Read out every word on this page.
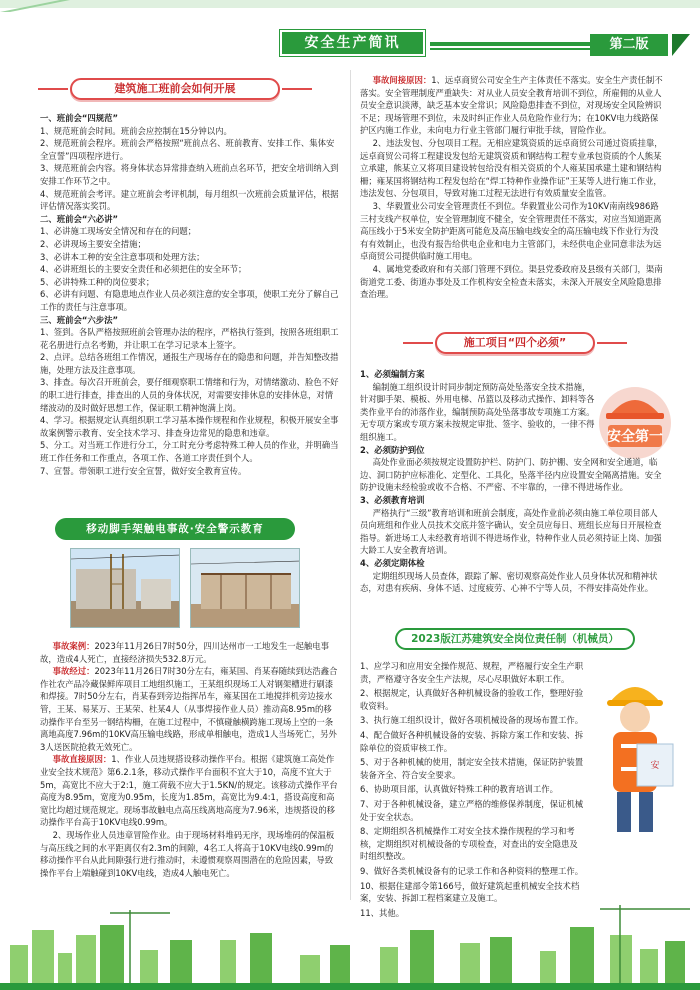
安全生产简讯	第二版
建筑施工班前会如何开展

一、班前会“四规范”

1、规范班前会时间。班前会应控制在15分钟以内。

2、规范班前会程序。班前会严格按照“班前点名、班前教育、安排工作、集体安全宣誓”四项程序进行。

3、规范班前会内容。将身体状态异常排查纳入班前点名环节，把安全培训纳入到安排工作环节之中。

4、规范班前会考评。建立班前会考评机制，每月组织一次班前会质量评估，根据评估情况落实奖罚。

二、班前会“六必讲”

1、必讲施工现场安全情况和存在的问题；

2、必讲现场主要安全措施；

3、必讲本工种的安全注意事项和处理方法；

4、必讲班组长的主要安全责任和必须把住的安全环节；

5、必讲特殊工种的岗位要求；

6、必讲有问题、有隐患地点作业人员必须注意的安全事项，使职工充分了解自己工作的责任与注意事项。

三、班前会“六步法”

1、签到。各队严格按照班前会管理办法的程序，严格执行签到，按照各班组职工花名册进行点名考勤，并让职工在学习记录本上签字。

2、点评。总结各班组工作情况，通报生产现场存在的隐患和问题，并告知整改措施，处理方法及注意事项。

3、排查。每次召开班前会，要仔细观察职工情绪和行为，对情绪激动、脸色不好的职工进行排查，排查出的人员的身体状况，对需要安排休息的安排休息，对情绪波动的及时做好思想工作，保证职工精神饱满上岗。

4、学习。根据规定认真组织职工学习基本操作规程和作业规程，积极开展安全事故案例警示教育、安全技术学习、排查身边常见的隐患和违章。

5、分工。对当班工作进行分工，分工时充分考虑特殊工种人员的作业，并明确当班工作任务和工作重点，各项工作、各道工序责任到个人。

7、宣誓。带领职工进行安全宣誓，做好安全教育宣传。

移动脚手架触电事故·安全警示教育

事故案例：2023年11月26日7时50分，四川达州市一工地发生一起触电事故，造成4人死亡，直接经济损失532.8万元。

事故经过：2023年11月26日7时30分左右，雍某国、肖某春随续到达浩鑫合作社农产品冷藏保鲜库项目工地组织施工，王某组织现场工人对钢架槽进行刷漆和焊接。7时50分左右，肖某春到旁边指挥吊车，雍某国在工地搅拌机旁边接水管，王某、易某万、王某荣、杜某4人（从事焊接作业人员）推动高8.95m的移动操作平台至另一钢结构柵，在施工过程中，不慎碰触横跨施工现场上空的一条离地高度7.96m的10KV高压输电线路，形成单相触电，造成1人当场死亡，另外3人送医院抢救无效死亡。

事故直接原因：1、作业人员违规搭设移动操作平台。根据《建筑施工高处作业安全技术规范》第6.2.1条，移动式操作平台面积不宜大于10，高度不宜大于5m，高宽比不应大于2:1，施工荷载不应大于1.5KN/的规定。该移动式操作平台高度为8.95m，宽度为0.95m，长度为1.85m，高宽比为9.4:1，搭设高度和高宽比均超过规范规定。现场事故触电点高压线离地高度为7.96米，违规搭设的移动操作平台高于10KV电线0.99m。

2、现场作业人员违章冒险作业。由于现场材料堆码无序，现场堆码的保温板与高压线之间的水平距离仅有2.3m的间隙，4名工人将高于10KV电线0.99m的移动操作平台从此间隙强行进行推动时，未遵惯观察周围潜在的危险因素，导致操作平台上端触碰到10KV电线，造成4人触电死亡。

事故间接原因：1、远卓商贸公司安全生产主体责任不落实。安全生产责任制不落实。安全管理制度严重缺失：对从业人员安全教育培训不到位，所雇佣的从业人员安全意识淡薄，缺乏基本安全常识；风险隐患排查不到位，对现场安全风险辨识不足；现场管理不到位，未及时纠正作业人员危险作业行为；在10KV电力线路保护区内施工作业，未向电力行业主管部门履行审批手续，冒险作业。

2、违法发包、分包项目工程。无相应建筑资质的远卓商贸公司通过资质挂靠，远卓商贸公司将工程建设发包给无建筑资质和钢结构工程专业承包资质的个人熊某立承建，熊某立又将项目建设转包给没有相关资质的个人雍某国承建土建和钢结构柵；雍某国将钢结构工程发包给在“焊工特种作业操作证”王某等人进行施工作业，违法发包、分包项目，导致对施工过程无法进行有效质量安全监管。

3、华毅置业公司安全管理责任不到位。华毅置业公司作为10KV南南线986路三村支线产权单位，安全管理制度不健全，安全管理责任不落实，对应当知道距离高压线小于5米安全防护距离可能危及高压输电线安全的高压输电线下作业行为没有有效制止，也没有报告给供电企业和电力主管部门，未经供电企业同意非法为远卓商贸公司提供临时施工用电。

4、属地党委政府和有关部门管理不到位。渠县党委政府及县级有关部门，渠南街道党工委、街道办事处及工作机构安全检查未落实，未深入开展安全风险隐患排查治理。

施工项目“四个必须”
安全第一

1、必须编制方案

编制施工组织设计时同步制定预防高处坠落安全技术措施，针对脚手架、模板、外用电梯、吊篮以及移动式操作、卸料等各类作业平台的沛落作业，编制预防高处坠落事故专项施工方案。无专项方案或专项方案未按规定审批、签字、验收的，一律不得组织施工。

2、必须防护到位

高处作业面必须按规定设置防护栏、防护门、防护棚、安全网和安全通道，临边、洞口防护应标准化、定型化、工具化，坠落半径内应设置安全隔离措施。安全防护设施未经检验或收不合格、不严密、不牢靠的，一律不得进场作业。

3、必须教育培训

严格执行“三级”教育培训和班前会制度，高处作业前必须由施工单位项目部人员向班组和作业人员技术交底并签字确认，安全员应每日、班组长应每日开展检查指导。新进场工人未经教育培训不得进场作业，特种作业人员必须持证上岗、加强大龄工人安全教育培训。

4、必须定期体检

定期组织现场人员查体，跟踪了解、密切观察高处作业人员身体状况和精神状态，对患有疾病、身体不适、过度疲劳、心神不宁等人员，不得安排高处作业。

2023版江苏建筑安全岗位责任制（机械员）

1、应学习和应用安全操作规范、规程，严格履行安全生产职责，严格遵守各安全生产法规，尽心尽职做好本职工作。

2、根据规定，认真做好各种机械设备的验收工作，整理好验收资料。

3、执行施工组织设计，做好各项机械设备的现场布置工作。

4、配合做好各种机械设备的安装、拆除方案工作和安装、拆除单位的资质审核工作。

5、对于各种机械的使用，制定安全技术措施，保证防护装置装备齐全、符合安全要求。

6、协助项目部，认真做好特殊工种的教育培训工作。

7、对于各种机械设备，建立严格的维修保养制度，保证机械处于安全状态。

8、定期组织各机械操作工对安全技术操作规程的学习和考核，定期组织对机械设备的专项检查，对查出的安全隐患及时组织整改。

9、做好各类机械设备有的记录工作和各种资料的整理工作。

10、根据住建部令第166号，做好建筑起重机械安全技术档案，安装、拆卸工程档案建立及施工。

11、其他。

安
